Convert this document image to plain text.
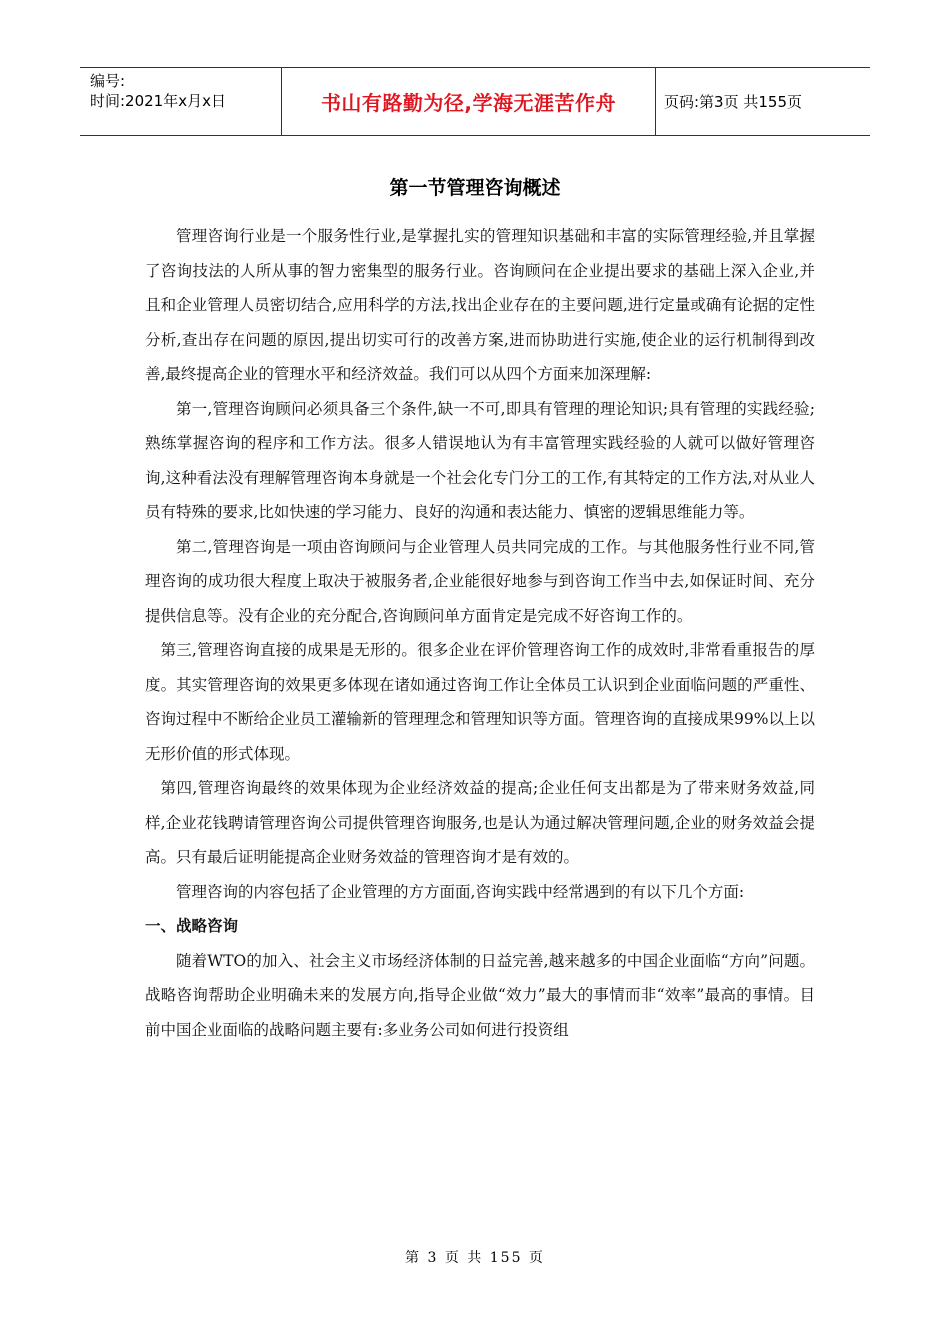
编号:
时间:2021年x月x日	书山有路勤为径,学海无涯苦作舟	页码:第3页 共155页
第一节管理咨询概述

管理咨询行业是一个服务性行业,是掌握扎实的管理知识基础和丰富的实际管理经验,并且掌握了咨询技法的人所从事的智力密集型的服务行业。咨询顾问在企业提出要求的基础上深入企业,并且和企业管理人员密切结合,应用科学的方法,找出企业存在的主要问题,进行定量或确有论据的定性分析,查出存在问题的原因,提出切实可行的改善方案,进而协助进行实施,使企业的运行机制得到改善,最终提高企业的管理水平和经济效益。我们可以从四个方面来加深理解:

第一,管理咨询顾问必须具备三个条件,缺一不可,即具有管理的理论知识;具有管理的实践经验;熟练掌握咨询的程序和工作方法。很多人错误地认为有丰富管理实践经验的人就可以做好管理咨询,这种看法没有理解管理咨询本身就是一个社会化专门分工的工作,有其特定的工作方法,对从业人员有特殊的要求,比如快速的学习能力、良好的沟通和表达能力、慎密的逻辑思维能力等。

第二,管理咨询是一项由咨询顾问与企业管理人员共同完成的工作。与其他服务性行业不同,管理咨询的成功很大程度上取决于被服务者,企业能很好地参与到咨询工作当中去,如保证时间、充分提供信息等。没有企业的充分配合,咨询顾问单方面肯定是完成不好咨询工作的。

第三,管理咨询直接的成果是无形的。很多企业在评价管理咨询工作的成效时,非常看重报告的厚度。其实管理咨询的效果更多体现在诸如通过咨询工作让全体员工认识到企业面临问题的严重性、咨询过程中不断给企业员工灌输新的管理理念和管理知识等方面。管理咨询的直接成果99%以上以无形价值的形式体现。

第四,管理咨询最终的效果体现为企业经济效益的提高;企业任何支出都是为了带来财务效益,同样,企业花钱聘请管理咨询公司提供管理咨询服务,也是认为通过解决管理问题,企业的财务效益会提高。只有最后证明能提高企业财务效益的管理咨询才是有效的。

管理咨询的内容包括了企业管理的方方面面,咨询实践中经常遇到的有以下几个方面:

一、战略咨询

随着WTO的加入、社会主义市场经济体制的日益完善,越来越多的中国企业面临“方向”问题。战略咨询帮助企业明确未来的发展方向,指导企业做“效力”最大的事情而非“效率”最高的事情。目前中国企业面临的战略问题主要有:多业务公司如何进行投资组

第 3 页 共 155 页
